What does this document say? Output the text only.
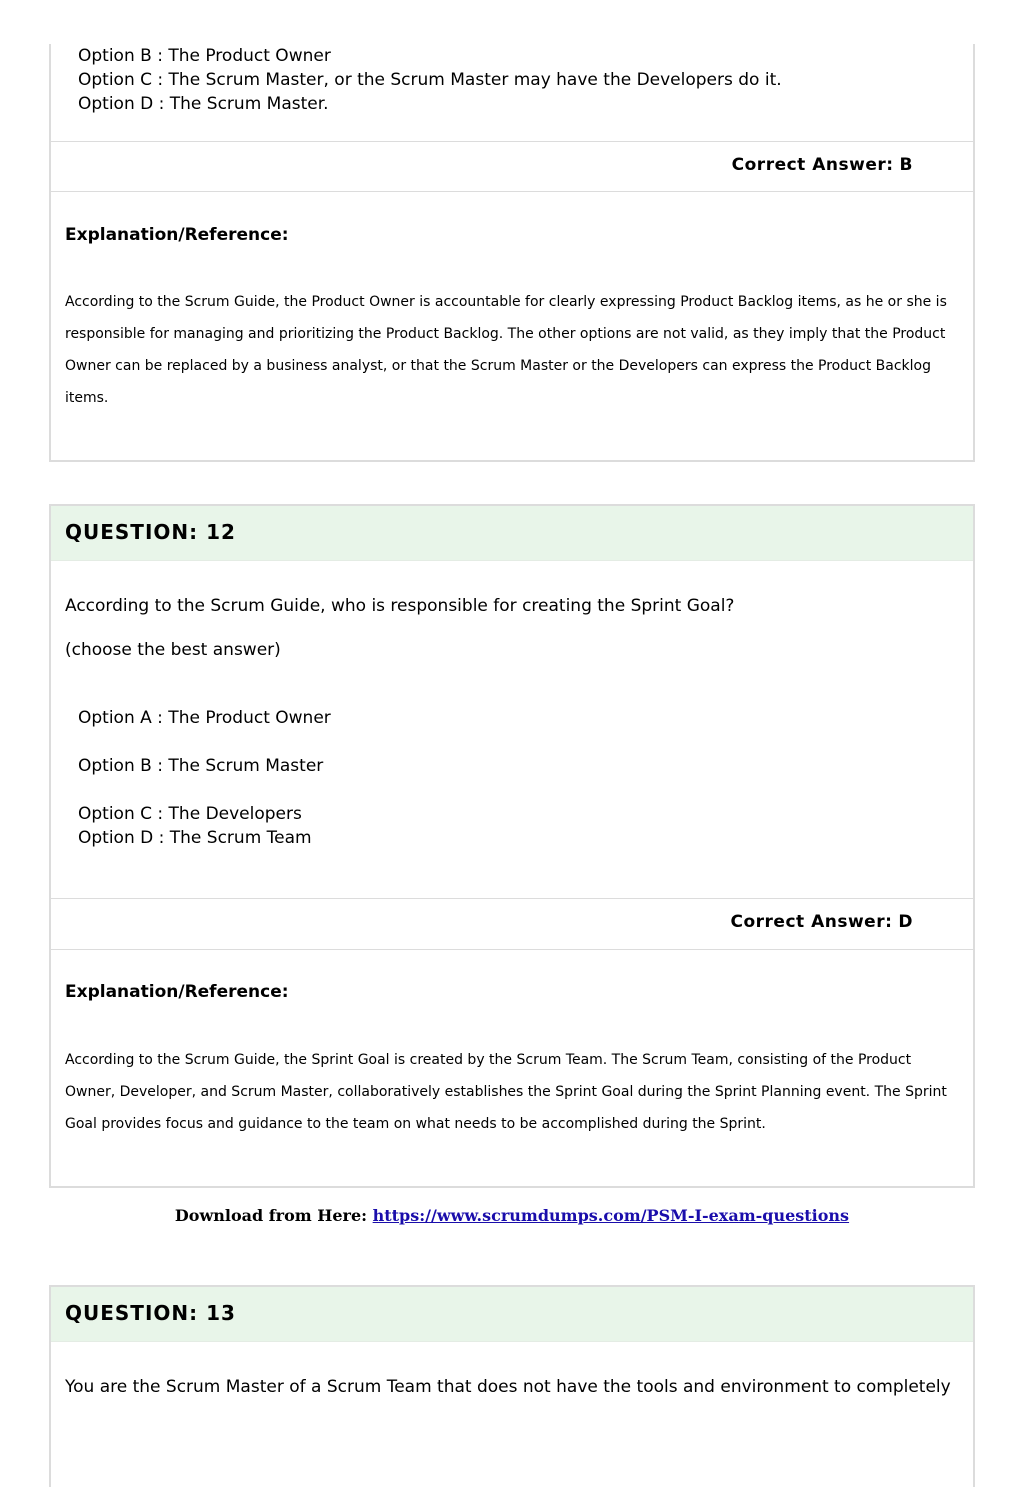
Option B : The Product Owner
Option C : The Scrum Master, or the Scrum Master may have the Developers do it.
Option D : The Scrum Master.
Correct Answer: B
Explanation/Reference:
According to the Scrum Guide, the Product Owner is accountable for clearly expressing Product Backlog items, as he or she is responsible for managing and prioritizing the Product Backlog. The other options are not valid, as they imply that the Product Owner can be replaced by a business analyst, or that the Scrum Master or the Developers can express the Product Backlog items.
QUESTION: 12
According to the Scrum Guide, who is responsible for creating the Sprint Goal?
(choose the best answer)
Option A : The Product Owner
Option B : The Scrum Master
Option C : The Developers
Option D : The Scrum Team
Correct Answer: D
Explanation/Reference:
According to the Scrum Guide, the Sprint Goal is created by the Scrum Team. The Scrum Team, consisting of the Product Owner, Developer, and Scrum Master, collaboratively establishes the Sprint Goal during the Sprint Planning event. The Sprint Goal provides focus and guidance to the team on what needs to be accomplished during the Sprint.
Download from Here: https://www.scrumdumps.com/PSM-I-exam-questions
QUESTION: 13
You are the Scrum Master of a Scrum Team that does not have the tools and environment to completely
